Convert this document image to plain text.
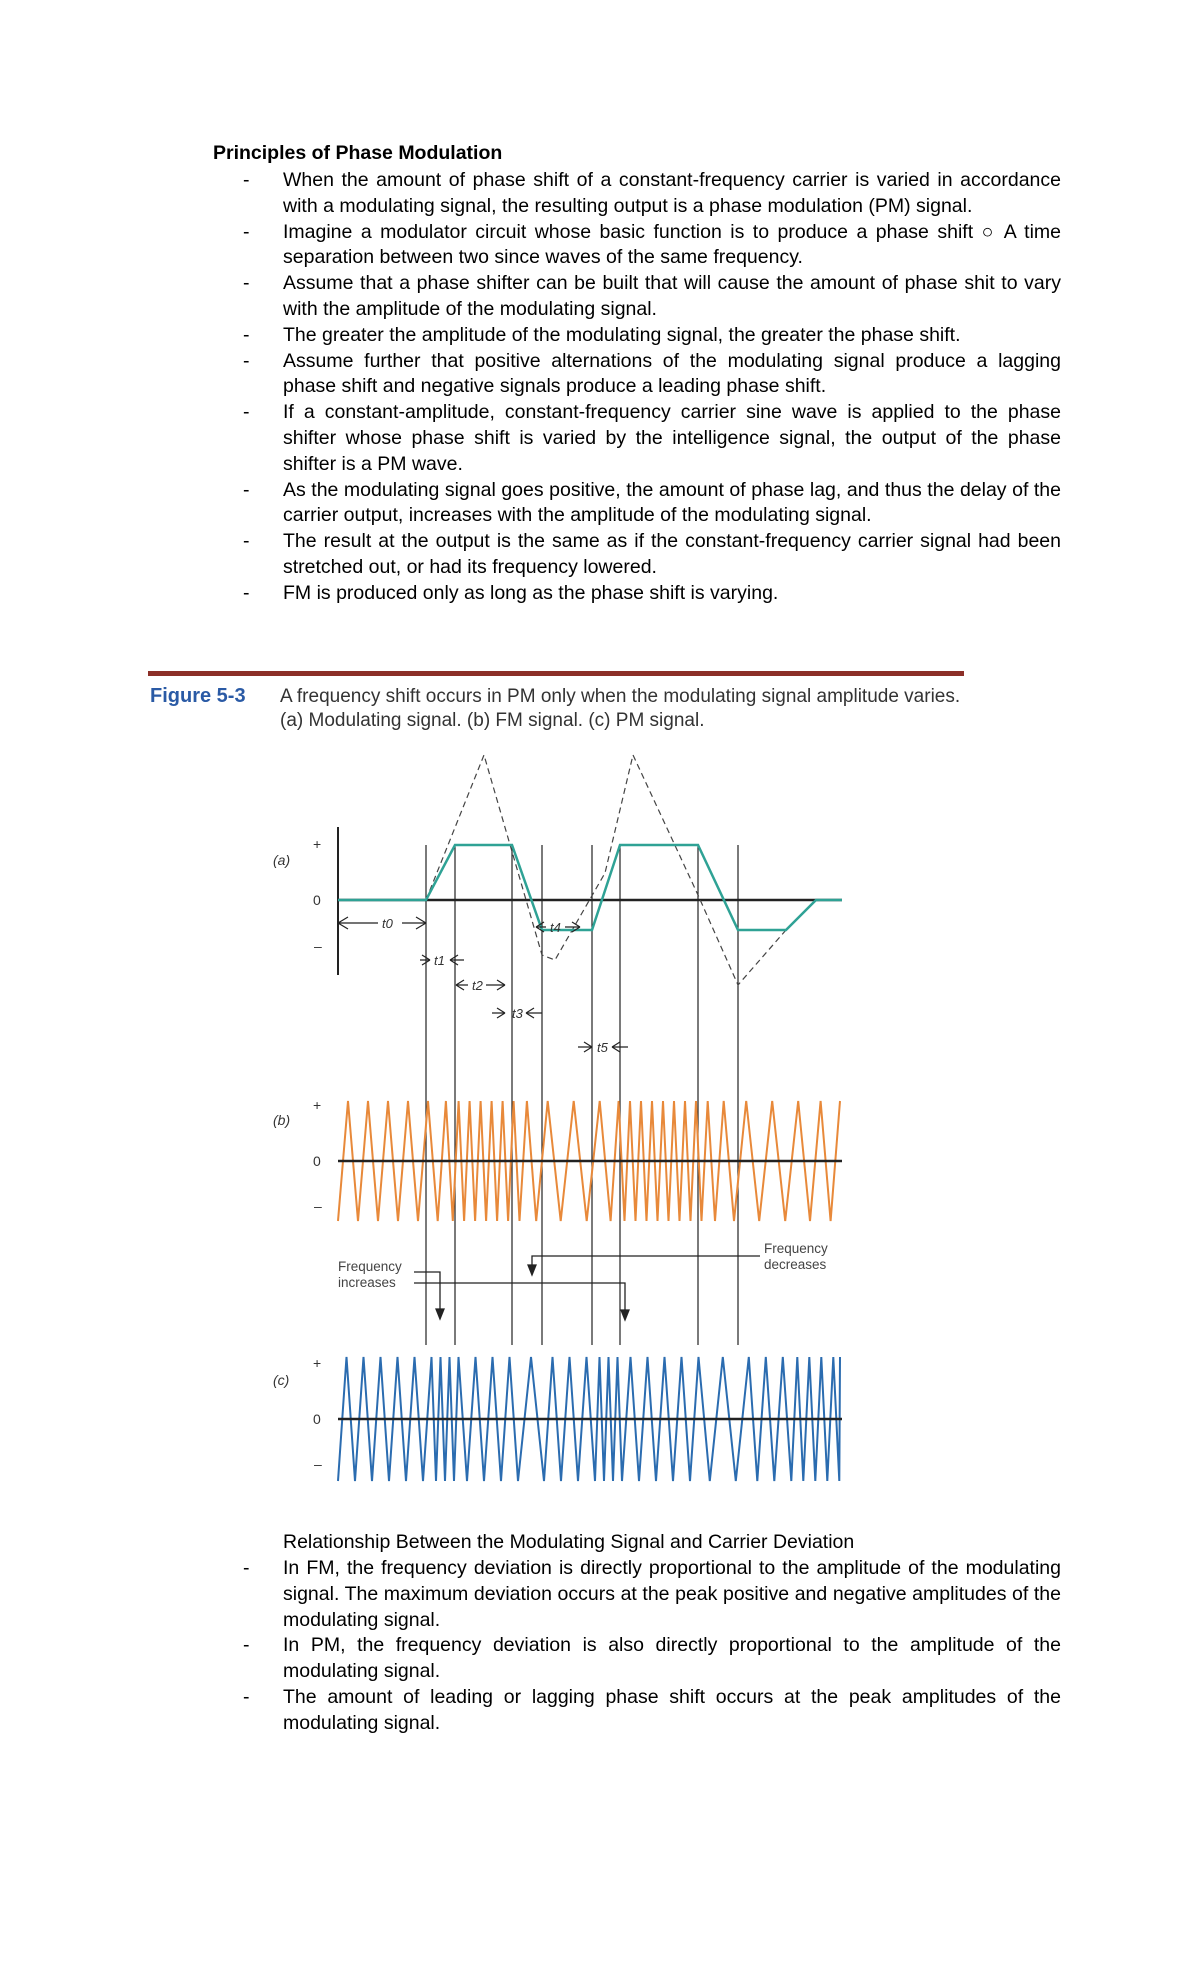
Principles of Phase Modulation
- When the amount of phase shift of a constant-frequency carrier is varied in accordance with a modulating signal, the resulting output is a phase modulation (PM) signal.
- Imagine a modulator circuit whose basic function is to produce a phase shift ○ A time separation between two since waves of the same frequency.
- Assume that a phase shifter can be built that will cause the amount of phase shit to vary with the amplitude of the modulating signal.
- The greater the amplitude of the modulating signal, the greater the phase shift.
- Assume further that positive alternations of the modulating signal produce a lagging phase shift and negative signals produce a leading phase shift.
- If a constant-amplitude, constant-frequency carrier sine wave is applied to the phase shifter whose phase shift is varied by the intelligence signal, the output of the phase shifter is a PM wave.
- As the modulating signal goes positive, the amount of phase lag, and thus the delay of the carrier output, increases with the amplitude of the modulating signal.
- The result at the output is the same as if the constant-frequency carrier signal had been stretched out, or had its frequency lowered.
- FM is produced only as long as the phase shift is varying.
Figure 5-3 A frequency shift occurs in PM only when the modulating signal amplitude varies. (a) Modulating signal. (b) FM signal. (c) PM signal.
(a)
+
0
–
t0
t1
t2
t3
t4
t5
(b)
+
0
–
Frequency
increases
Frequency
decreases
(c)
+
0
–
Relationship Between the Modulating Signal and Carrier Deviation
- In FM, the frequency deviation is directly proportional to the amplitude of the modulating signal. The maximum deviation occurs at the peak positive and negative amplitudes of the modulating signal.
- In PM, the frequency deviation is also directly proportional to the amplitude of the modulating signal.
- The amount of leading or lagging phase shift occurs at the peak amplitudes of the modulating signal.
